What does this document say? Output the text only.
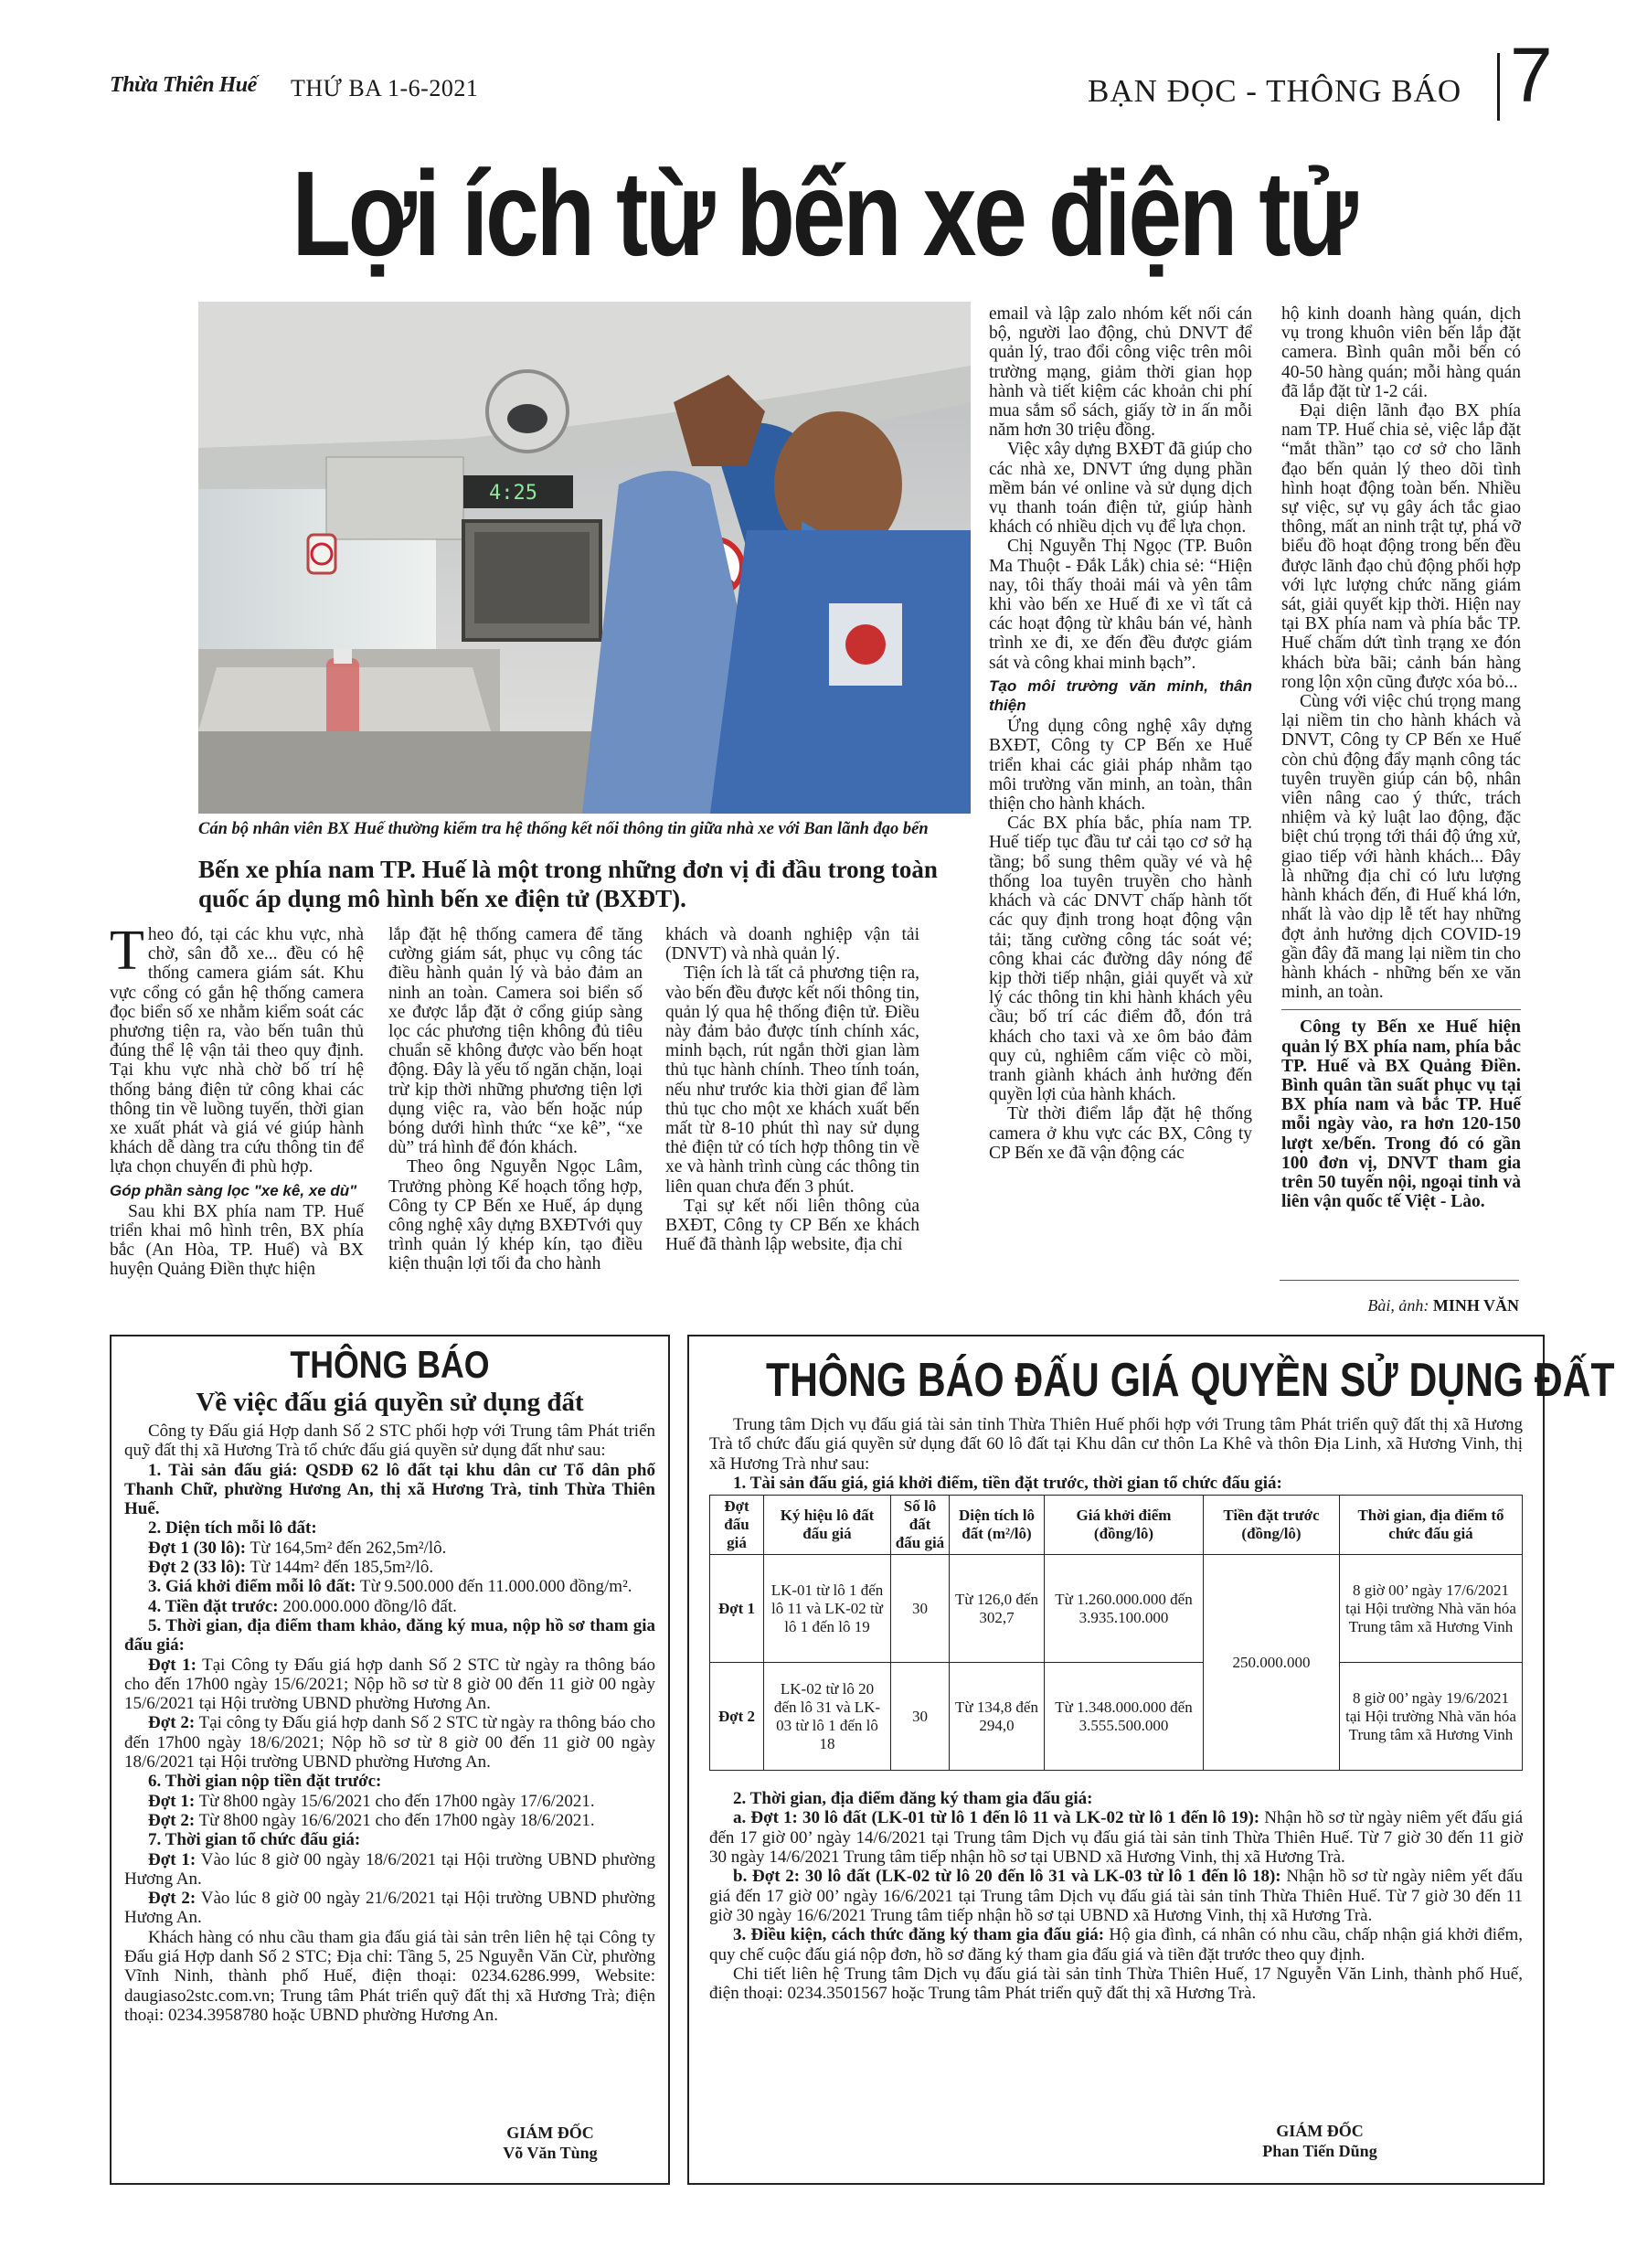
Thừa Thiên Huế THỨ BA 1-6-2021	BẠN ĐỌC - THÔNG BÁO 7
Lợi ích từ bến xe điện tử
4:25
Cán bộ nhân viên BX Huế thường kiểm tra hệ thống kết nối thông tin giữa nhà xe với Ban lãnh đạo bến
Bến xe phía nam TP. Huế là một trong những đơn vị đi đầu trong toàn quốc áp dụng mô hình bến xe điện tử (BXĐT).

Theo đó, tại các khu vực, nhà chờ, sân đỗ xe... đều có hệ thống camera giám sát. Khu vực cổng có gắn hệ thống camera đọc biển số xe nhằm kiểm soát các phương tiện ra, vào bến tuân thủ đúng thể lệ vận tải theo quy định. Tại khu vực nhà chờ bố trí hệ thống bảng điện tử công khai các thông tin về luồng tuyến, thời gian xe xuất phát và giá vé giúp hành khách dễ dàng tra cứu thông tin để lựa chọn chuyến đi phù hợp.

Góp phần sàng lọc "xe kê, xe dù"

Sau khi BX phía nam TP. Huế triển khai mô hình trên, BX phía bắc (An Hòa, TP. Huế) và BX huyện Quảng Điền thực hiện

lắp đặt hệ thống camera để tăng cường giám sát, phục vụ công tác điều hành quản lý và bảo đảm an ninh an toàn. Camera soi biển số xe được lắp đặt ở cổng giúp sàng lọc các phương tiện không đủ tiêu chuẩn sẽ không được vào bến hoạt động. Đây là yếu tố ngăn chặn, loại trừ kịp thời những phương tiện lợi dụng việc ra, vào bến hoặc núp bóng dưới hình thức “xe kê”, “xe dù” trá hình để đón khách.

Theo ông Nguyễn Ngọc Lâm, Trưởng phòng Kế hoạch tổng hợp, Công ty CP Bến xe Huế, áp dụng công nghệ xây dựng BXĐTvới quy trình quản lý khép kín, tạo điều kiện thuận lợi tối đa cho hành

khách và doanh nghiệp vận tải (DNVT) và nhà quản lý.

Tiện ích là tất cả phương tiện ra, vào bến đều được kết nối thông tin, quản lý qua hệ thống điện tử. Điều này đảm bảo được tính chính xác, minh bạch, rút ngắn thời gian làm thủ tục hành chính. Theo tính toán, nếu như trước kia thời gian để làm thủ tục cho một xe khách xuất bến mất từ 8-10 phút thì nay sử dụng thẻ điện tử có tích hợp thông tin về xe và hành trình cùng các thông tin liên quan chưa đến 3 phút.

Tại sự kết nối liên thông của BXĐT, Công ty CP Bến xe khách Huế đã thành lập website, địa chỉ

email và lập zalo nhóm kết nối cán bộ, người lao động, chủ DNVT để quản lý, trao đổi công việc trên môi trường mạng, giảm thời gian họp hành và tiết kiệm các khoản chi phí mua sắm sổ sách, giấy tờ in ấn mỗi năm hơn 30 triệu đồng.

Việc xây dựng BXĐT đã giúp cho các nhà xe, DNVT ứng dụng phần mềm bán vé online và sử dụng dịch vụ thanh toán điện tử, giúp hành khách có nhiều dịch vụ để lựa chọn.

Chị Nguyễn Thị Ngọc (TP. Buôn Ma Thuột - Đắk Lắk) chia sẻ: “Hiện nay, tôi thấy thoải mái và yên tâm khi vào bến xe Huế đi xe vì tất cả các hoạt động từ khâu bán vé, hành trình xe đi, xe đến đều được giám sát và công khai minh bạch”.

Tạo môi trường văn minh, thân thiện

Ứng dụng công nghệ xây dựng BXĐT, Công ty CP Bến xe Huế triển khai các giải pháp nhằm tạo môi trường văn minh, an toàn, thân thiện cho hành khách.

Các BX phía bắc, phía nam TP. Huế tiếp tục đầu tư cải tạo cơ sở hạ tầng; bổ sung thêm quầy vé và hệ thống loa tuyên truyền cho hành khách và các DNVT chấp hành tốt các quy định trong hoạt động vận tải; tăng cường công tác soát vé; công khai các đường dây nóng để kịp thời tiếp nhận, giải quyết và xử lý các thông tin khi hành khách yêu cầu; bố trí các điểm đỗ, đón trả khách cho taxi và xe ôm bảo đảm quy củ, nghiêm cấm việc cò mồi, tranh giành khách ảnh hưởng đến quyền lợi của hành khách.

Từ thời điểm lắp đặt hệ thống camera ở khu vực các BX, Công ty CP Bến xe đã vận động các

hộ kinh doanh hàng quán, dịch vụ trong khuôn viên bến lắp đặt camera. Bình quân mỗi bến có 40-50 hàng quán; mỗi hàng quán đã lắp đặt từ 1-2 cái.

Đại diện lãnh đạo BX phía nam TP. Huế chia sẻ, việc lắp đặt “mắt thần” tạo cơ sở cho lãnh đạo bến quản lý theo dõi tình hình hoạt động toàn bến. Nhiều sự việc, sự vụ gây ách tắc giao thông, mất an ninh trật tự, phá vỡ biểu đồ hoạt động trong bến đều được lãnh đạo chủ động phối hợp với lực lượng chức năng giám sát, giải quyết kịp thời. Hiện nay tại BX phía nam và phía bắc TP. Huế chấm dứt tình trạng xe đón khách bừa bãi; cảnh bán hàng rong lộn xộn cũng được xóa bỏ...

Cùng với việc chú trọng mang lại niềm tin cho hành khách và DNVT, Công ty CP Bến xe Huế còn chủ động đẩy mạnh công tác tuyên truyền giúp cán bộ, nhân viên nâng cao ý thức, trách nhiệm và kỷ luật lao động, đặc biệt chú trọng tới thái độ ứng xử, giao tiếp với hành khách... Đây là những địa chỉ có lưu lượng hành khách đến, đi Huế khá lớn, nhất là vào dịp lễ tết hay những đợt ảnh hưởng dịch COVID-19 gần đây đã mang lại niềm tin cho hành khách - những bến xe văn minh, an toàn.

Công ty Bến xe Huế hiện quản lý BX phía nam, phía bắc TP. Huế và BX Quảng Điền. Bình quân tần suất phục vụ tại BX phía nam và bắc TP. Huế mỗi ngày vào, ra hơn 120-150 lượt xe/bến. Trong đó có gần 100 đơn vị, DNVT tham gia trên 50 tuyến nội, ngoại tỉnh và liên vận quốc tế Việt - Lào.

Bài, ảnh: MINH VĂN
THÔNG BÁO
Về việc đấu giá quyền sử dụng đất

Công ty Đấu giá Hợp danh Số 2 STC phối hợp với Trung tâm Phát triển quỹ đất thị xã Hương Trà tổ chức đấu giá quyền sử dụng đất như sau:

1. Tài sản đấu giá: QSDĐ 62 lô đất tại khu dân cư Tổ dân phố Thanh Chữ, phường Hương An, thị xã Hương Trà, tỉnh Thừa Thiên Huế.

2. Diện tích mỗi lô đất:

Đợt 1 (30 lô): Từ 164,5m² đến 262,5m²/lô.

Đợt 2 (33 lô): Từ 144m² đến 185,5m²/lô.

3. Giá khởi điểm mỗi lô đất: Từ 9.500.000 đến 11.000.000 đồng/m².

4. Tiền đặt trước: 200.000.000 đồng/lô đất.

5. Thời gian, địa điểm tham khảo, đăng ký mua, nộp hồ sơ tham gia đấu giá:

Đợt 1: Tại Công ty Đấu giá hợp danh Số 2 STC từ ngày ra thông báo cho đến 17h00 ngày 15/6/2021; Nộp hồ sơ từ 8 giờ 00 đến 11 giờ 00 ngày 15/6/2021 tại Hội trường UBND phường Hương An.

Đợt 2: Tại công ty Đấu giá hợp danh Số 2 STC từ ngày ra thông báo cho đến 17h00 ngày 18/6/2021; Nộp hồ sơ từ 8 giờ 00 đến 11 giờ 00 ngày 18/6/2021 tại Hội trường UBND phường Hương An.

6. Thời gian nộp tiền đặt trước:

Đợt 1: Từ 8h00 ngày 15/6/2021 cho đến 17h00 ngày 17/6/2021.

Đợt 2: Từ 8h00 ngày 16/6/2021 cho đến 17h00 ngày 18/6/2021.

7. Thời gian tổ chức đấu giá:

Đợt 1: Vào lúc 8 giờ 00 ngày 18/6/2021 tại Hội trường UBND phường Hương An.

Đợt 2: Vào lúc 8 giờ 00 ngày 21/6/2021 tại Hội trường UBND phường Hương An.

Khách hàng có nhu cầu tham gia đấu giá tài sản trên liên hệ tại Công ty Đấu giá Hợp danh Số 2 STC; Địa chỉ: Tầng 5, 25 Nguyễn Văn Cừ, phường Vĩnh Ninh, thành phố Huế, điện thoại: 0234.6286.999, Website: daugiaso2stc.com.vn; Trung tâm Phát triển quỹ đất thị xã Hương Trà; điện thoại: 0234.3958780 hoặc UBND phường Hương An.

GIÁM ĐỐC
Võ Văn Tùng
THÔNG BÁO ĐẤU GIÁ QUYỀN SỬ DỤNG ĐẤT

Trung tâm Dịch vụ đấu giá tài sản tỉnh Thừa Thiên Huế phối hợp với Trung tâm Phát triển quỹ đất thị xã Hương Trà tổ chức đấu giá quyền sử dụng đất 60 lô đất tại Khu dân cư thôn La Khê và thôn Địa Linh, xã Hương Vinh, thị xã Hương Trà như sau:

1. Tài sản đấu giá, giá khởi điểm, tiền đặt trước, thời gian tổ chức đấu giá:

Đợt đấu giá	Ký hiệu lô đất đấu giá	Số lô đất đấu giá	Diện tích lô đất (m²/lô)	Giá khởi điểm (đồng/lô)	Tiền đặt trước (đồng/lô)	Thời gian, địa điểm tổ chức đấu giá
Đợt 1	LK-01 từ lô 1 đến lô 11 và LK-02 từ lô 1 đến lô 19	30	Từ 126,0 đến 302,7	Từ 1.260.000.000 đến 3.935.100.000	250.000.000	8 giờ 00’ ngày 17/6/2021 tại Hội trường Nhà văn hóa Trung tâm xã Hương Vinh
Đợt 2	LK-02 từ lô 20 đến lô 31 và LK-03 từ lô 1 đến lô 18	30	Từ 134,8 đến 294,0	Từ 1.348.000.000 đến 3.555.500.000		8 giờ 00’ ngày 19/6/2021 tại Hội trường Nhà văn hóa Trung tâm xã Hương Vinh

2. Thời gian, địa điểm đăng ký tham gia đấu giá:

a. Đợt 1: 30 lô đất (LK-01 từ lô 1 đến lô 11 và LK-02 từ lô 1 đến lô 19): Nhận hồ sơ từ ngày niêm yết đấu giá đến 17 giờ 00’ ngày 14/6/2021 tại Trung tâm Dịch vụ đấu giá tài sản tỉnh Thừa Thiên Huế. Từ 7 giờ 30 đến 11 giờ 30 ngày 14/6/2021 Trung tâm tiếp nhận hồ sơ tại UBND xã Hương Vinh, thị xã Hương Trà.

b. Đợt 2: 30 lô đất (LK-02 từ lô 20 đến lô 31 và LK-03 từ lô 1 đến lô 18): Nhận hồ sơ từ ngày niêm yết đấu giá đến 17 giờ 00’ ngày 16/6/2021 tại Trung tâm Dịch vụ đấu giá tài sản tỉnh Thừa Thiên Huế. Từ 7 giờ 30 đến 11 giờ 30 ngày 16/6/2021 Trung tâm tiếp nhận hồ sơ tại UBND xã Hương Vinh, thị xã Hương Trà.

3. Điều kiện, cách thức đăng ký tham gia đấu giá: Hộ gia đình, cá nhân có nhu cầu, chấp nhận giá khởi điểm, quy chế cuộc đấu giá nộp đơn, hồ sơ đăng ký tham gia đấu giá và tiền đặt trước theo quy định.

Chi tiết liên hệ Trung tâm Dịch vụ đấu giá tài sản tỉnh Thừa Thiên Huế, 17 Nguyễn Văn Linh, thành phố Huế, điện thoại: 0234.3501567 hoặc Trung tâm Phát triển quỹ đất thị xã Hương Trà.

GIÁM ĐỐC
Phan Tiến Dũng
